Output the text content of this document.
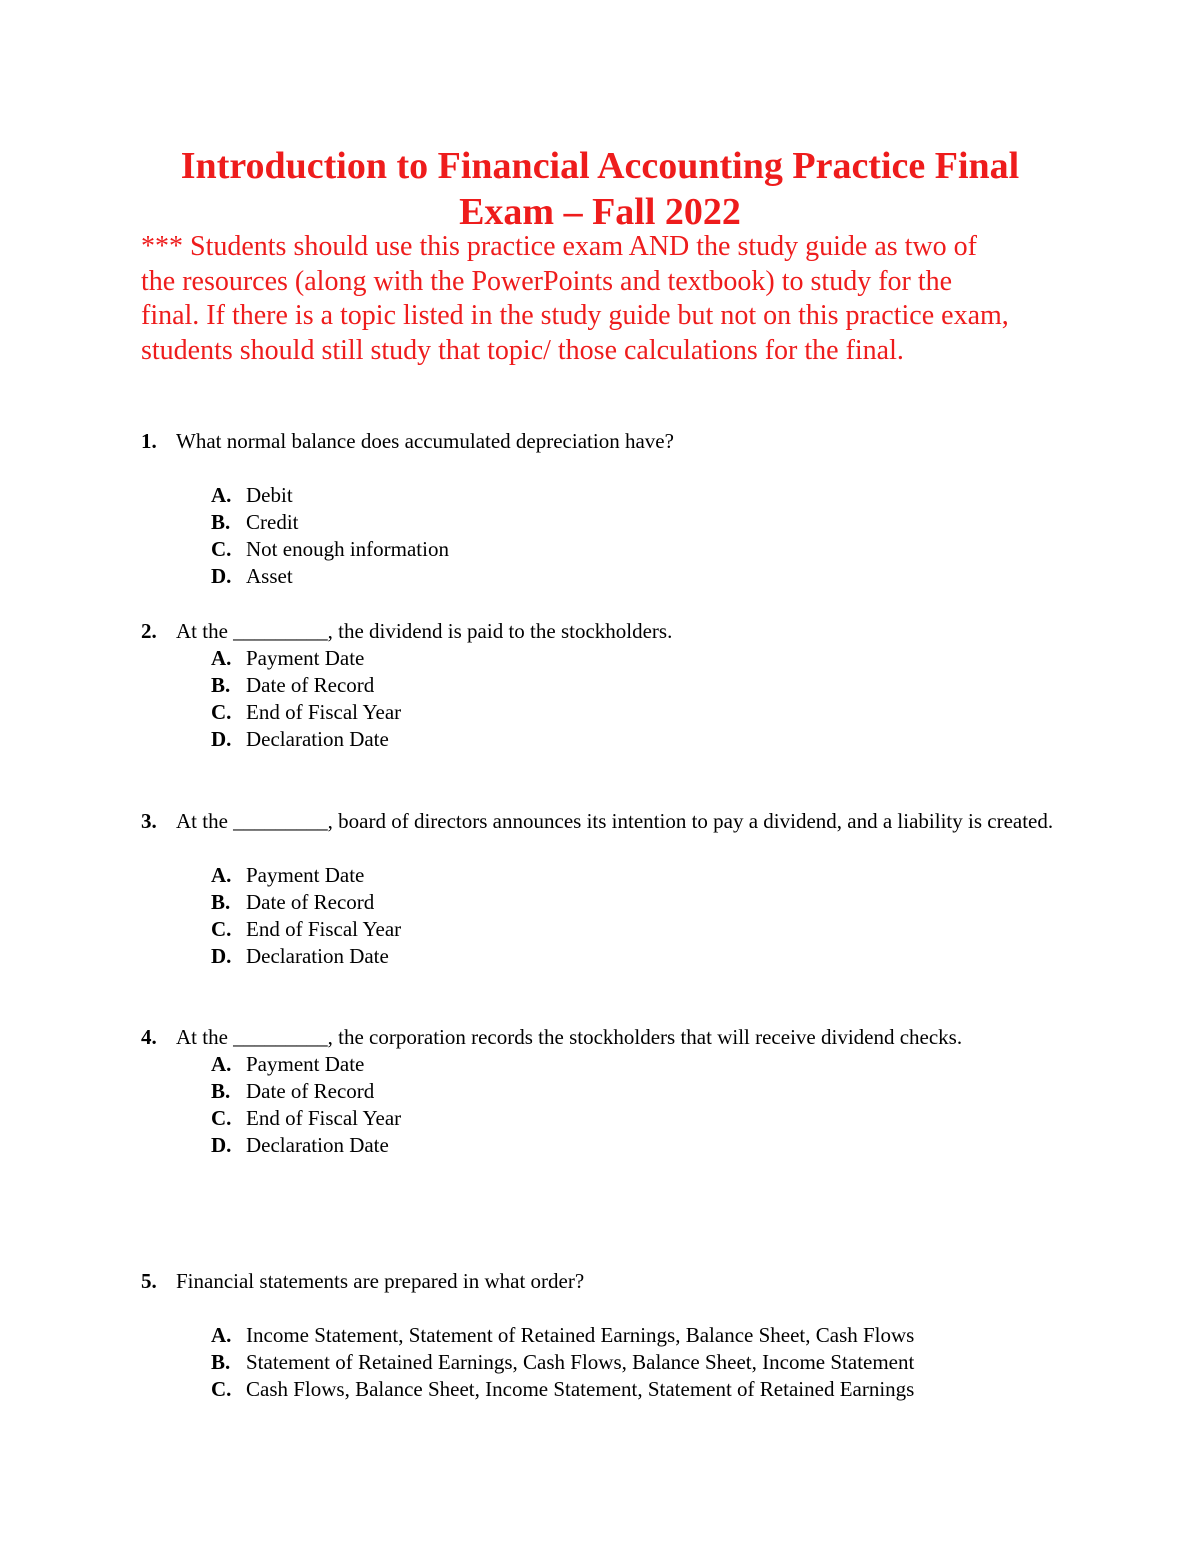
Introduction to Financial Accounting Practice Final
Exam – Fall 2022
*** Students should use this practice exam AND the study guide as two of
the resources (along with the PowerPoints and textbook) to study for the
final. If there is a topic listed in the study guide but not on this practice exam,
students should still study that topic/ those calculations for the final.
1. What normal balance does accumulated depreciation have?
A. Debit
B. Credit
C. Not enough information
D. Asset
2. At the _________, the dividend is paid to the stockholders.
A. Payment Date
B. Date of Record
C. End of Fiscal Year
D. Declaration Date
3. At the _________, board of directors announces its intention to pay a dividend, and a liability is created.
A. Payment Date
B. Date of Record
C. End of Fiscal Year
D. Declaration Date
4. At the _________, the corporation records the stockholders that will receive dividend checks.
A. Payment Date
B. Date of Record
C. End of Fiscal Year
D. Declaration Date
5. Financial statements are prepared in what order?
A. Income Statement, Statement of Retained Earnings, Balance Sheet, Cash Flows
B. Statement of Retained Earnings, Cash Flows, Balance Sheet, Income Statement
C. Cash Flows, Balance Sheet, Income Statement, Statement of Retained Earnings
